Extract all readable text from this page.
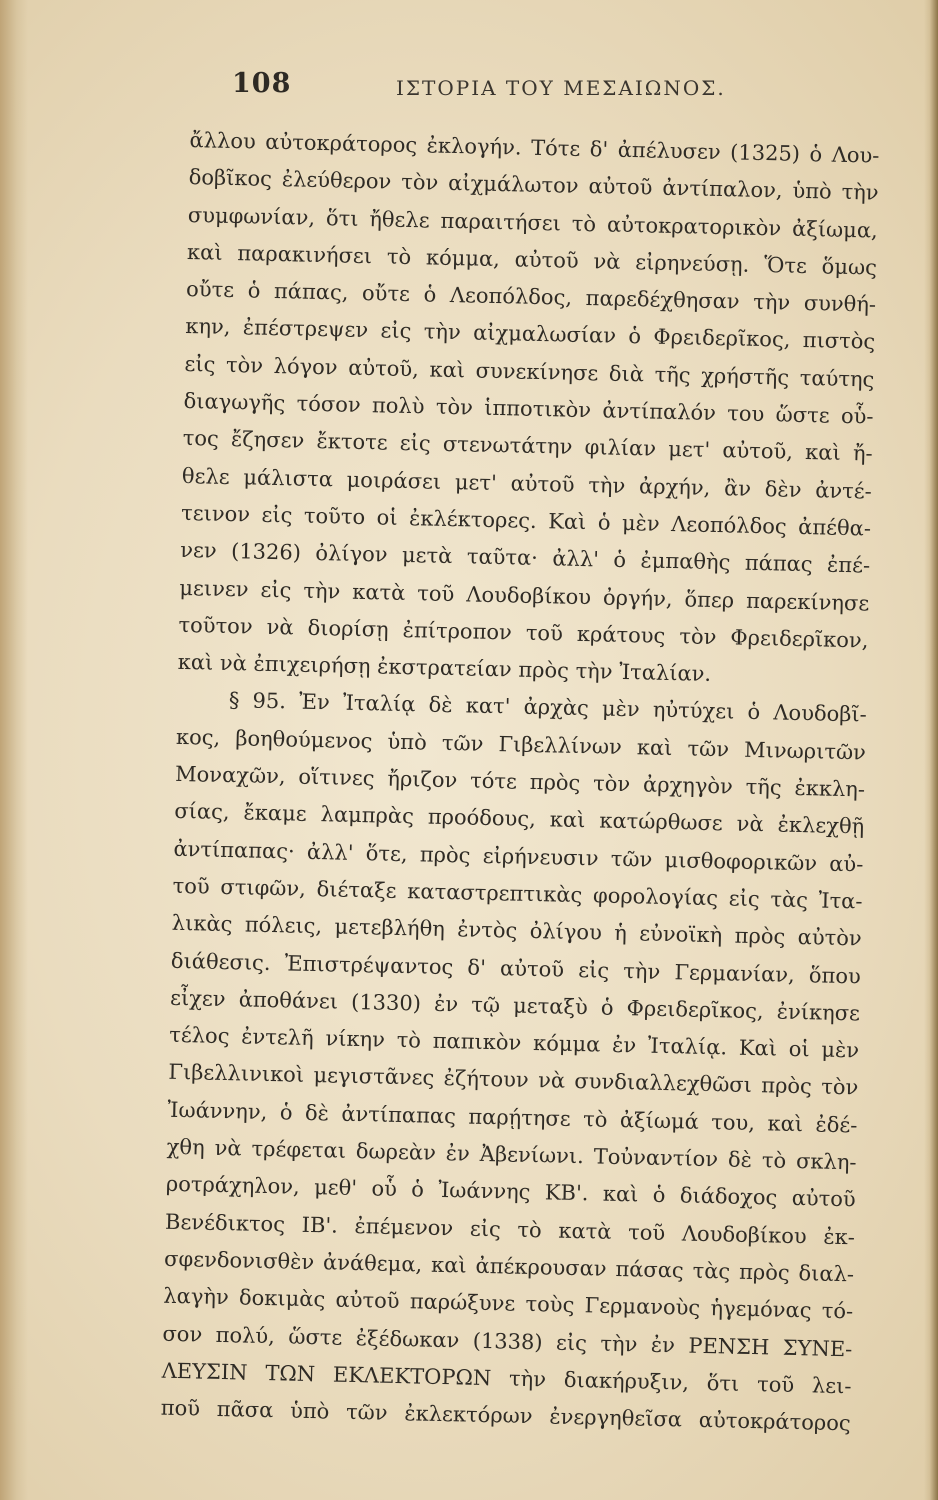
108	ΙΣΤΟΡΙΑ ΤΟΥ ΜΕΣΑΙΩΝΟΣ.
ἄλλου αὐτοκράτορος ἐκλογήν. Τότε δ' ἀπέλυσεν (1325) ὁ Λου-
δοβῖκος ἐλεύθερον τὸν αἰχμάλωτον αὐτοῦ ἀντίπαλον, ὑπὸ τὴν
συμφωνίαν, ὅτι ἤθελε παραιτήσει τὸ αὐτοκρατορικὸν ἀξίωμα,
καὶ παρακινήσει τὸ κόμμα, αὐτοῦ νὰ εἰρηνεύσῃ. Ὅτε ὅμως
οὔτε ὁ πάπας, οὔτε ὁ Λεοπόλδος, παρεδέχθησαν τὴν συνθή-
κην, ἐπέστρεψεν εἰς τὴν αἰχμαλωσίαν ὁ Φρειδερῖκος, πιστὸς
εἰς τὸν λόγον αὐτοῦ, καὶ συνεκίνησε διὰ τῆς χρήστῆς ταύτης
διαγωγῆς τόσον πολὺ τὸν ἱπποτικὸν ἀντίπαλόν του ὥστε οὗ-
τος ἔζησεν ἔκτοτε εἰς στενωτάτην φιλίαν μετ' αὐτοῦ, καὶ ἤ-
θελε μάλιστα μοιράσει μετ' αὐτοῦ τὴν ἀρχήν, ἂν δὲν ἀντέ-
τεινον εἰς τοῦτο οἱ ἐκλέκτορες. Καὶ ὁ μὲν Λεοπόλδος ἀπέθα-
νεν (1326) ὀλίγον μετὰ ταῦτα· ἀλλ' ὁ ἐμπαθὴς πάπας ἐπέ-
μεινεν εἰς τὴν κατὰ τοῦ Λουδοβίκου ὀργήν, ὅπερ παρεκίνησε
τοῦτον νὰ διορίσῃ ἐπίτροπον τοῦ κράτους τὸν Φρειδερῖκον,
καὶ νὰ ἐπιχειρήσῃ ἐκστρατείαν πρὸς τὴν Ἰταλίαν.
§ 95. Ἐν Ἰταλίᾳ δὲ κατ' ἀρχὰς μὲν ηὐτύχει ὁ Λουδοβῖ-
κος, βοηθούμενος ὑπὸ τῶν Γιβελλίνων καὶ τῶν Μινωριτῶν
Μοναχῶν, οἵτινες ἤριζον τότε πρὸς τὸν ἀρχηγὸν τῆς ἐκκλη-
σίας, ἔκαμε λαμπρὰς προόδους, καὶ κατώρθωσε νὰ ἐκλεχθῇ
ἀντίπαπας· ἀλλ' ὅτε, πρὸς εἰρήνευσιν τῶν μισθοφορικῶν αὐ-
τοῦ στιφῶν, διέταξε καταστρεπτικὰς φορολογίας εἰς τὰς Ἰτα-
λικὰς πόλεις, μετεβλήθη ἐντὸς ὀλίγου ἡ εὐνοϊκὴ πρὸς αὐτὸν
διάθεσις. Ἐπιστρέψαντος δ' αὐτοῦ εἰς τὴν Γερμανίαν, ὅπου
εἶχεν ἀποθάνει (1330) ἐν τῷ μεταξὺ ὁ Φρειδερῖκος, ἐνίκησε
τέλος ἐντελῆ νίκην τὸ παπικὸν κόμμα ἐν Ἰταλίᾳ. Καὶ οἱ μὲν
Γιβελλινικοὶ μεγιστᾶνες ἐζήτουν νὰ συνδιαλλεχθῶσι πρὸς τὸν
Ἰωάννην, ὁ δὲ ἀντίπαπας παρῄτησε τὸ ἀξίωμά του, καὶ ἐδέ-
χθη νὰ τρέφεται δωρεὰν ἐν Ἀβενίωνι. Τοὐναντίον δὲ τὸ σκλη-
ροτράχηλον, μεθ' οὗ ὁ Ἰωάννης ΚΒ'. καὶ ὁ διάδοχος αὐτοῦ
Βενέδικτος ΙΒ'. ἐπέμενον εἰς τὸ κατὰ τοῦ Λουδοβίκου ἐκ-
σφενδονισθὲν ἀνάθεμα, καὶ ἀπέκρουσαν πάσας τὰς πρὸς διαλ-
λαγὴν δοκιμὰς αὐτοῦ παρώξυνε τοὺς Γερμανοὺς ἡγεμόνας τό-
σον πολύ, ὥστε ἐξέδωκαν (1338) εἰς τὴν ἐν ΡΕΝΣΗ ΣΥΝΕ-
ΛΕΥΣΙΝ ΤΩΝ ΕΚΛΕΚΤΟΡΩΝ τὴν διακήρυξιν, ὅτι τοῦ λει-
ποῦ πᾶσα ὑπὸ τῶν ἐκλεκτόρων ἐνεργηθεῖσα αὐτοκράτορος
